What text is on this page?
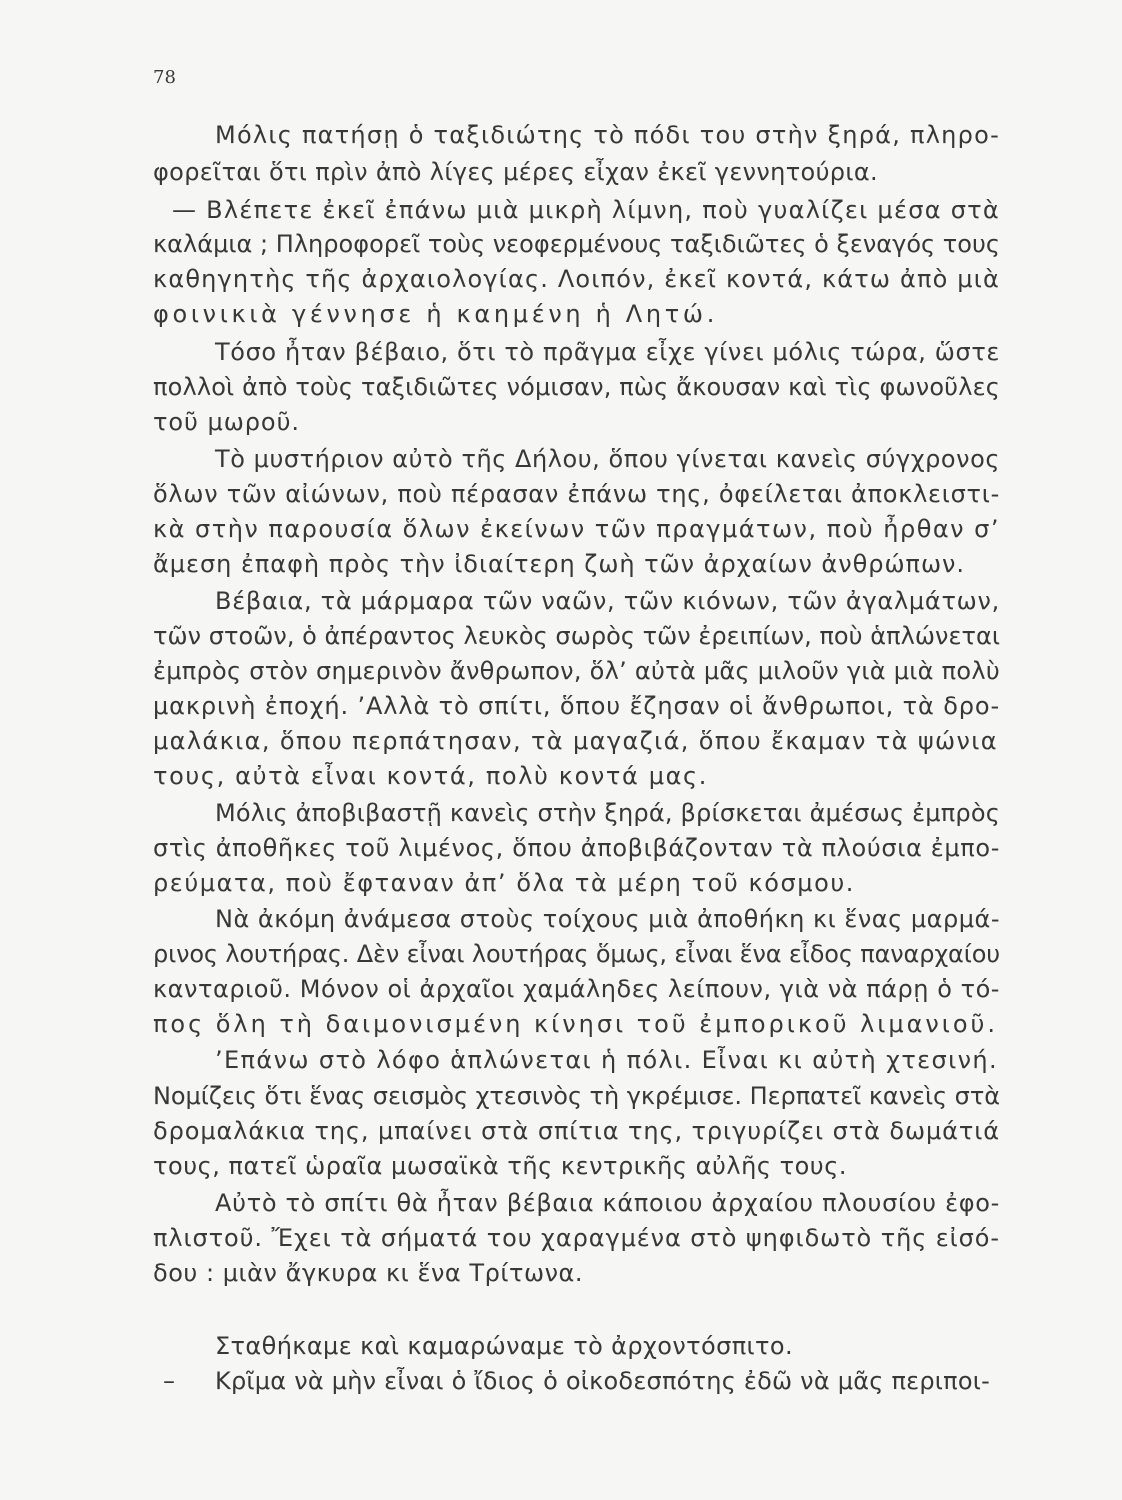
78
Μόλις πατήσῃ ὁ ταξιδιώτης τὸ πόδι του στὴν ξηρά, πληρο-
φορεῖται ὅτι πρὶν ἀπὸ λίγες μέρες εἶχαν ἐκεῖ γεννητούρια.
— Βλέπετε ἐκεῖ ἐπάνω μιὰ μικρὴ λίμνη, ποὺ γυαλίζει μέσα στὰ
καλάμια ; Πληροφορεῖ τοὺς νεοφερμένους ταξιδιῶτες ὁ ξεναγός τους
καθηγητὴς τῆς ἀρχαιολογίας. Λοιπόν, ἐκεῖ κοντά, κάτω ἀπὸ μιὰ
φοινικιὰ γέννησε ἡ καημένη ἡ Λητώ.
Τόσο ἦταν βέβαιο, ὅτι τὸ πρᾶγμα εἶχε γίνει μόλις τώρα, ὥστε
πολλοὶ ἀπὸ τοὺς ταξιδιῶτες νόμισαν, πὼς ἄκουσαν καὶ τὶς φωνοῦλες
τοῦ μωροῦ.
Τὸ μυστήριον αὐτὸ τῆς Δήλου, ὅπου γίνεται κανεὶς σύγχρονος
ὅλων τῶν αἰώνων, ποὺ πέρασαν ἐπάνω της, ὀφείλεται ἀποκλειστι-
κὰ στὴν παρουσία ὅλων ἐκείνων τῶν πραγμάτων, ποὺ ἦρθαν σ’
ἄμεση ἐπαφὴ πρὸς τὴν ἰδιαίτερη ζωὴ τῶν ἀρχαίων ἀνθρώπων.
Βέβαια, τὰ μάρμαρα τῶν ναῶν, τῶν κιόνων, τῶν ἀγαλμάτων,
τῶν στοῶν, ὁ ἀπέραντος λευκὸς σωρὸς τῶν ἐρειπίων, ποὺ ἁπλώνεται
ἐμπρὸς στὸν σημερινὸν ἄνθρωπον, ὅλ’ αὐτὰ μᾶς μιλοῦν γιὰ μιὰ πολὺ
μακρινὴ ἐποχή. ’Αλλὰ τὸ σπίτι, ὅπου ἔζησαν οἱ ἄνθρωποι, τὰ δρο-
μαλάκια, ὅπου περπάτησαν, τὰ μαγαζιά, ὅπου ἔκαμαν τὰ ψώνια
τους, αὐτὰ εἶναι κοντά, πολὺ κοντά μας.
Μόλις ἀποβιβαστῇ κανεὶς στὴν ξηρά, βρίσκεται ἀμέσως ἐμπρὸς
στὶς ἀποθῆκες τοῦ λιμένος, ὅπου ἀποβιβάζονταν τὰ πλούσια ἐμπο-
ρεύματα, ποὺ ἔφταναν ἀπ’ ὅλα τὰ μέρη τοῦ κόσμου.
Νὰ ἀκόμη ἀνάμεσα στοὺς τοίχους μιὰ ἀποθήκη κι ἕνας μαρμά-
ρινος λουτήρας. Δὲν εἶναι λουτήρας ὅμως, εἶναι ἕνα εἶδος παναρχαίου
κανταριοῦ. Μόνον οἱ ἀρχαῖοι χαμάληδες λείπουν, γιὰ νὰ πάρῃ ὁ τό-
πος ὅλη τὴ δαιμονισμένη κίνησι τοῦ ἐμπορικοῦ λιμανιοῦ.
’Επάνω στὸ λόφο ἁπλώνεται ἡ πόλι. Εἶναι κι αὐτὴ χτεσινή.
Νομίζεις ὅτι ἕνας σεισμὸς χτεσινὸς τὴ γκρέμισε. Περπατεῖ κανεὶς στὰ
δρομαλάκια της, μπαίνει στὰ σπίτια της, τριγυρίζει στὰ δωμάτιά
τους, πατεῖ ὡραῖα μωσαϊκὰ τῆς κεντρικῆς αὐλῆς τους.
Αὐτὸ τὸ σπίτι θὰ ἦταν βέβαια κάποιου ἀρχαίου πλουσίου ἐφο-
πλιστοῦ. Ἔχει τὰ σήματά του χαραγμένα στὸ ψηφιδωτὸ τῆς εἰσό-
δου : μιὰν ἄγκυρα κι ἕνα Τρίτωνα.
Σταθήκαμε καὶ καμαρώναμε τὸ ἀρχοντόσπιτο.
– Κρῖμα νὰ μὴν εἶναι ὁ ἴδιος ὁ οἰκοδεσπότης ἐδῶ νὰ μᾶς περιποι-
